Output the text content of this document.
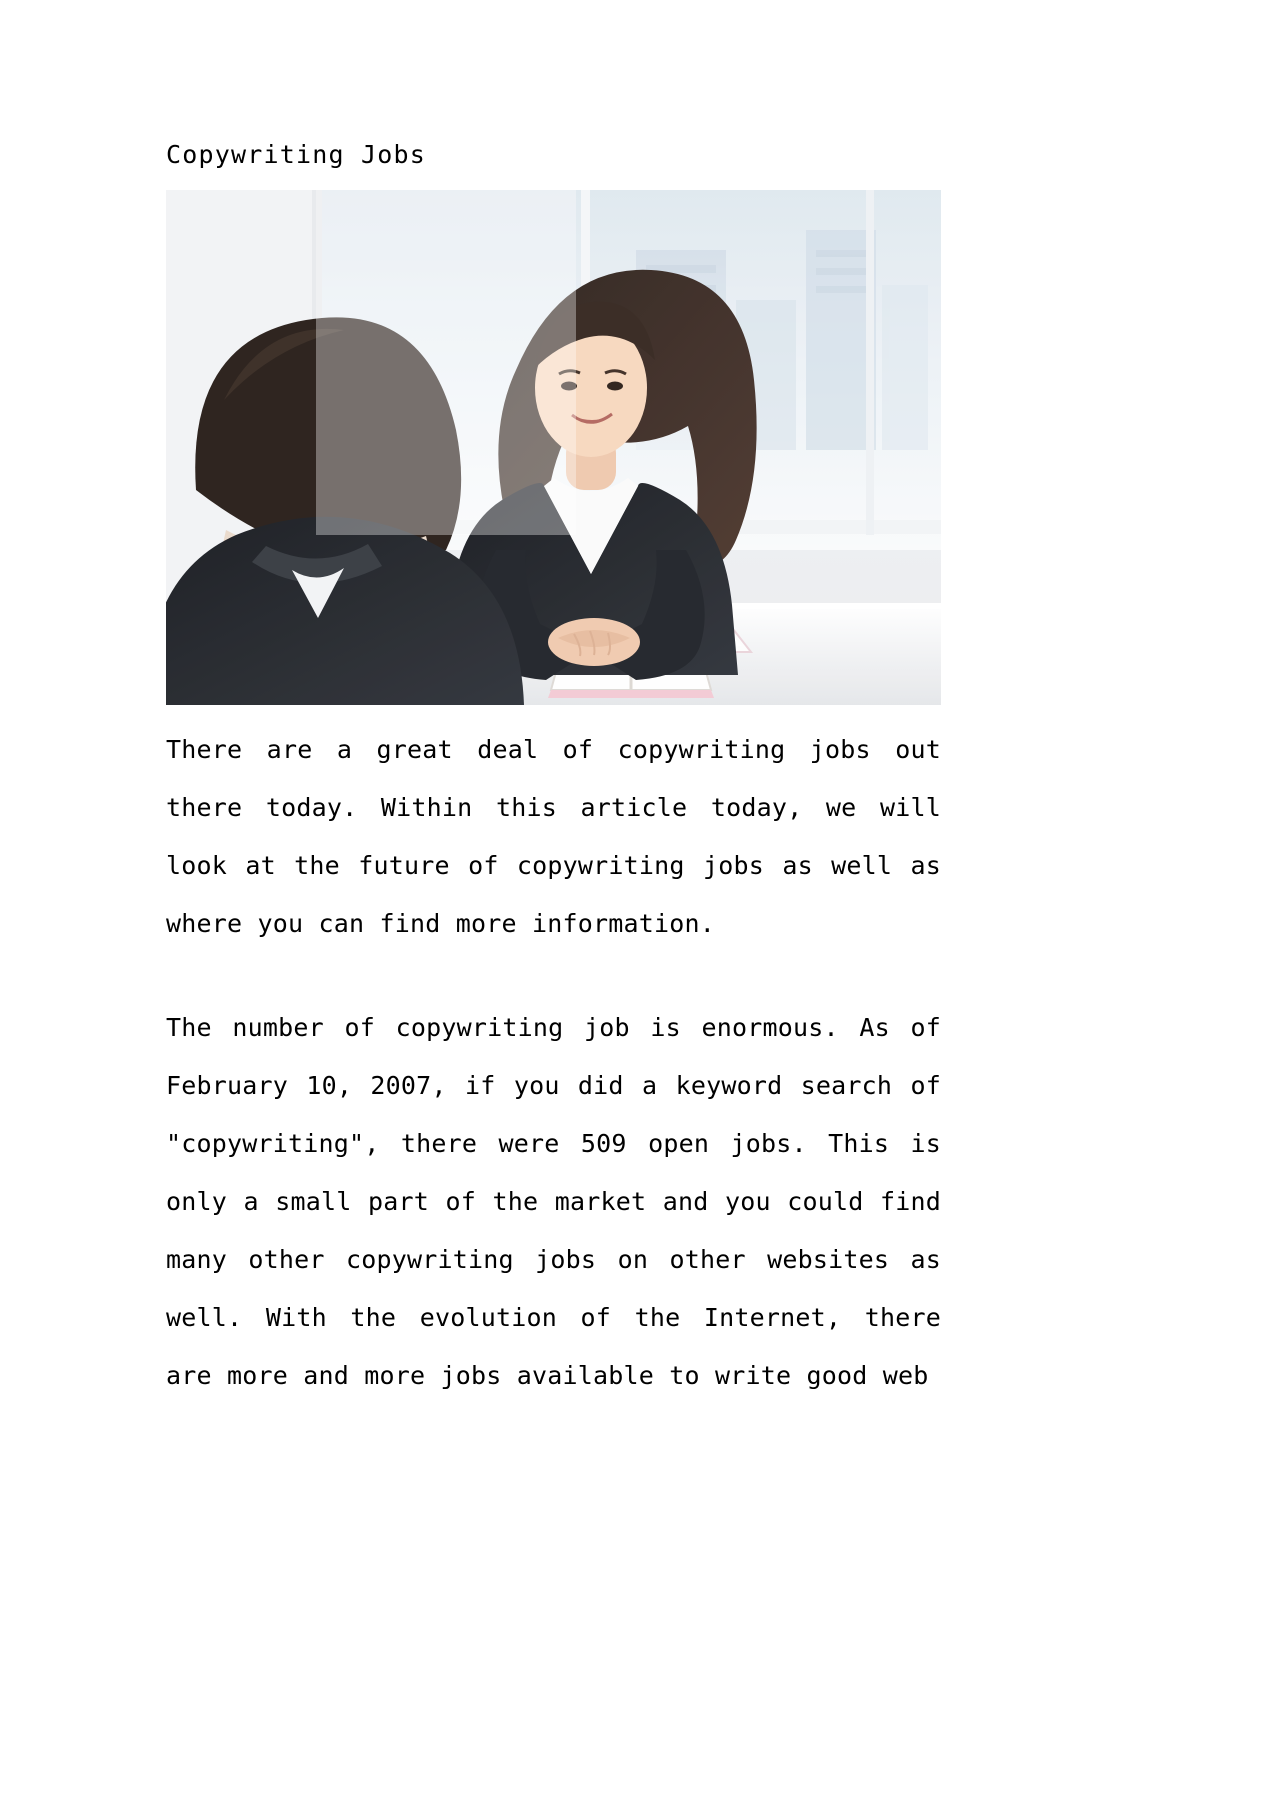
Copywriting Jobs

There are a great deal of copywriting jobs out there today. Within this article today, we will look at the future of copywriting jobs as well as where you can find more information.

The number of copywriting job is enormous. As of February 10, 2007, if you did a keyword search of "copywriting", there were 509 open jobs. This is only a small part of the market and you could find many other copywriting jobs on other websites as well. With the evolution of the Internet, there are more and more jobs available to write good web
